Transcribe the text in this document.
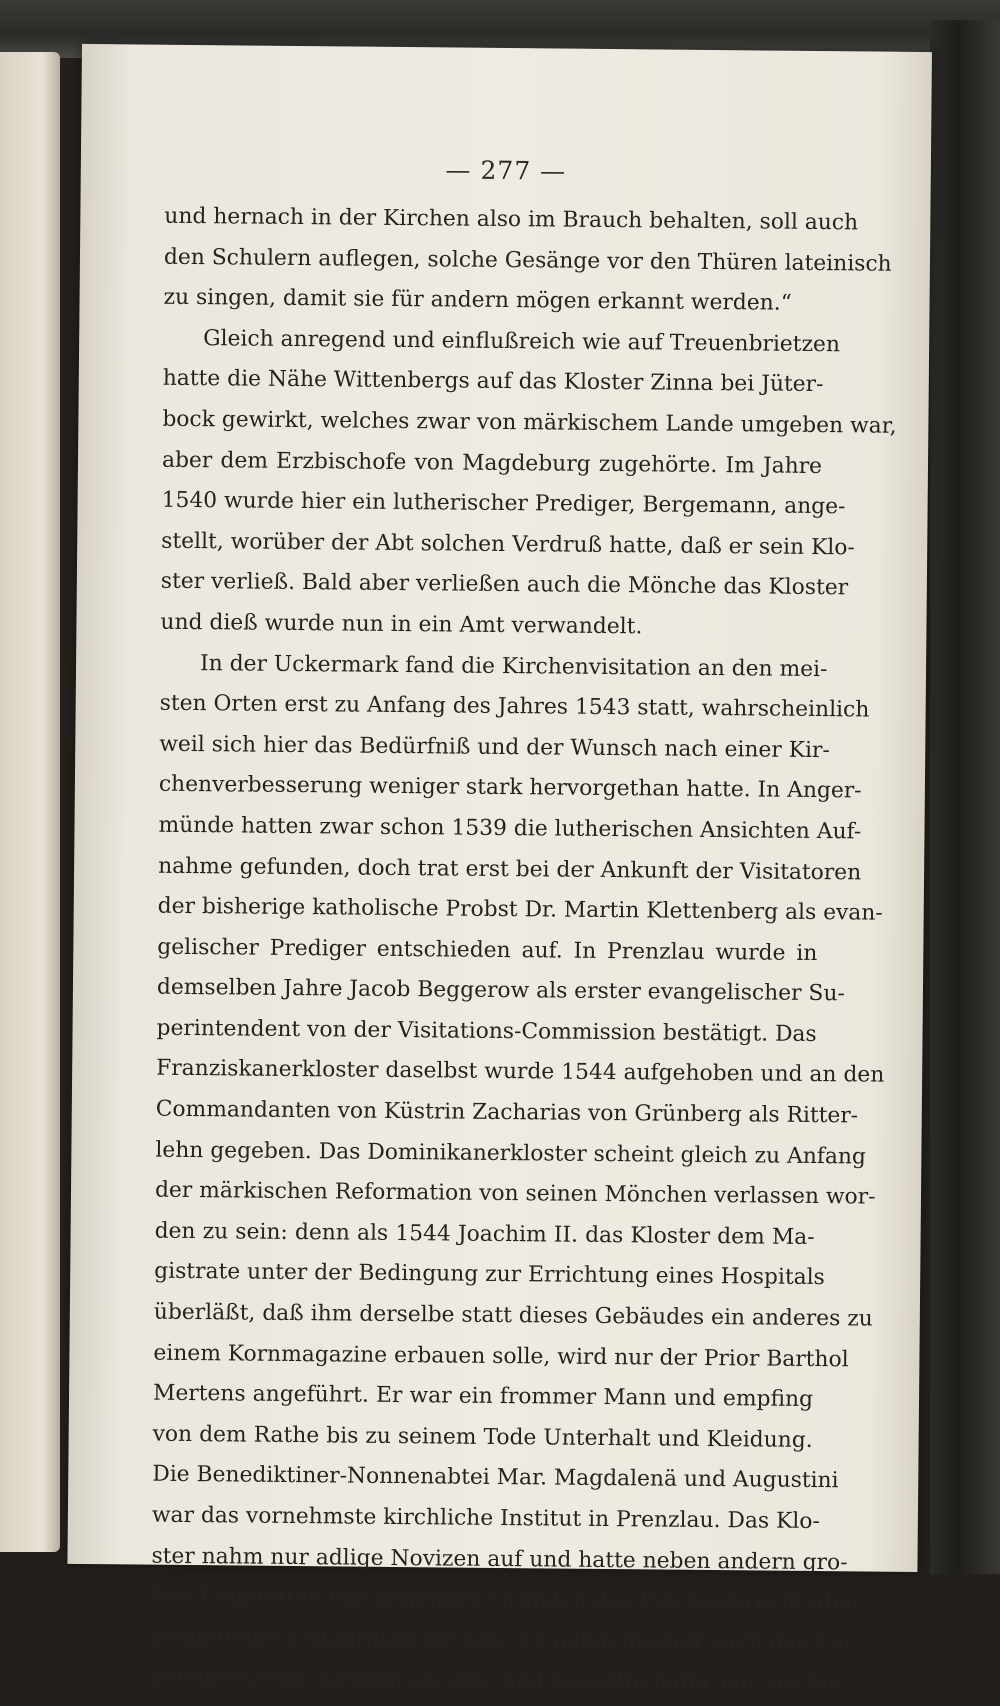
— 277 —
und hernach in der Kirchen also im Brauch behalten, soll auch
den Schulern auflegen, solche Gesänge vor den Thüren lateinisch
zu singen, damit sie für andern mögen erkannt werden.“
Gleich anregend und einflußreich wie auf Treuenbrietzen
hatte die Nähe Wittenbergs auf das Kloster Zinna bei Jüter-
bock gewirkt, welches zwar von märkischem Lande umgeben war,
aber dem Erzbischofe von Magdeburg zugehörte. Im Jahre
1540 wurde hier ein lutherischer Prediger, Bergemann, ange-
stellt, worüber der Abt solchen Verdruß hatte, daß er sein Klo-
ster verließ. Bald aber verließen auch die Mönche das Kloster
und dieß wurde nun in ein Amt verwandelt.
In der Uckermark fand die Kirchenvisitation an den mei-
sten Orten erst zu Anfang des Jahres 1543 statt, wahrscheinlich
weil sich hier das Bedürfniß und der Wunsch nach einer Kir-
chenverbesserung weniger stark hervorgethan hatte. In Anger-
münde hatten zwar schon 1539 die lutherischen Ansichten Auf-
nahme gefunden, doch trat erst bei der Ankunft der Visitatoren
der bisherige katholische Probst Dr. Martin Klettenberg als evan-
gelischer Prediger entschieden auf. In Prenzlau wurde in
demselben Jahre Jacob Beggerow als erster evangelischer Su-
perintendent von der Visitations-Commission bestätigt. Das
Franziskanerkloster daselbst wurde 1544 aufgehoben und an den
Commandanten von Küstrin Zacharias von Grünberg als Ritter-
lehn gegeben. Das Dominikanerkloster scheint gleich zu Anfang
der märkischen Reformation von seinen Mönchen verlassen wor-
den zu sein: denn als 1544 Joachim II. das Kloster dem Ma-
gistrate unter der Bedingung zur Errichtung eines Hospitals
überläßt, daß ihm derselbe statt dieses Gebäudes ein anderes zu
einem Kornmagazine erbauen solle, wird nur der Prior Barthol
Mertens angeführt. Er war ein frommer Mann und empfing
von dem Rathe bis zu seinem Tode Unterhalt und Kleidung.
Die Benediktiner-Nonnenabtei Mar. Magdalenä und Augustini
war das vornehmste kirchliche Institut in Prenzlau. Das Klo-
ster nahm nur adlige Novizen auf und hatte neben andern gro-
ßen Einkünften von liegenden Gründen das Patronatsrecht über
sämmtliche 4 Stadtpfarrkirchen. Es nahm hiermit auch das Ein-
kommen jener Kirchen an sich, und bestellte dafür nur zur Ver-
